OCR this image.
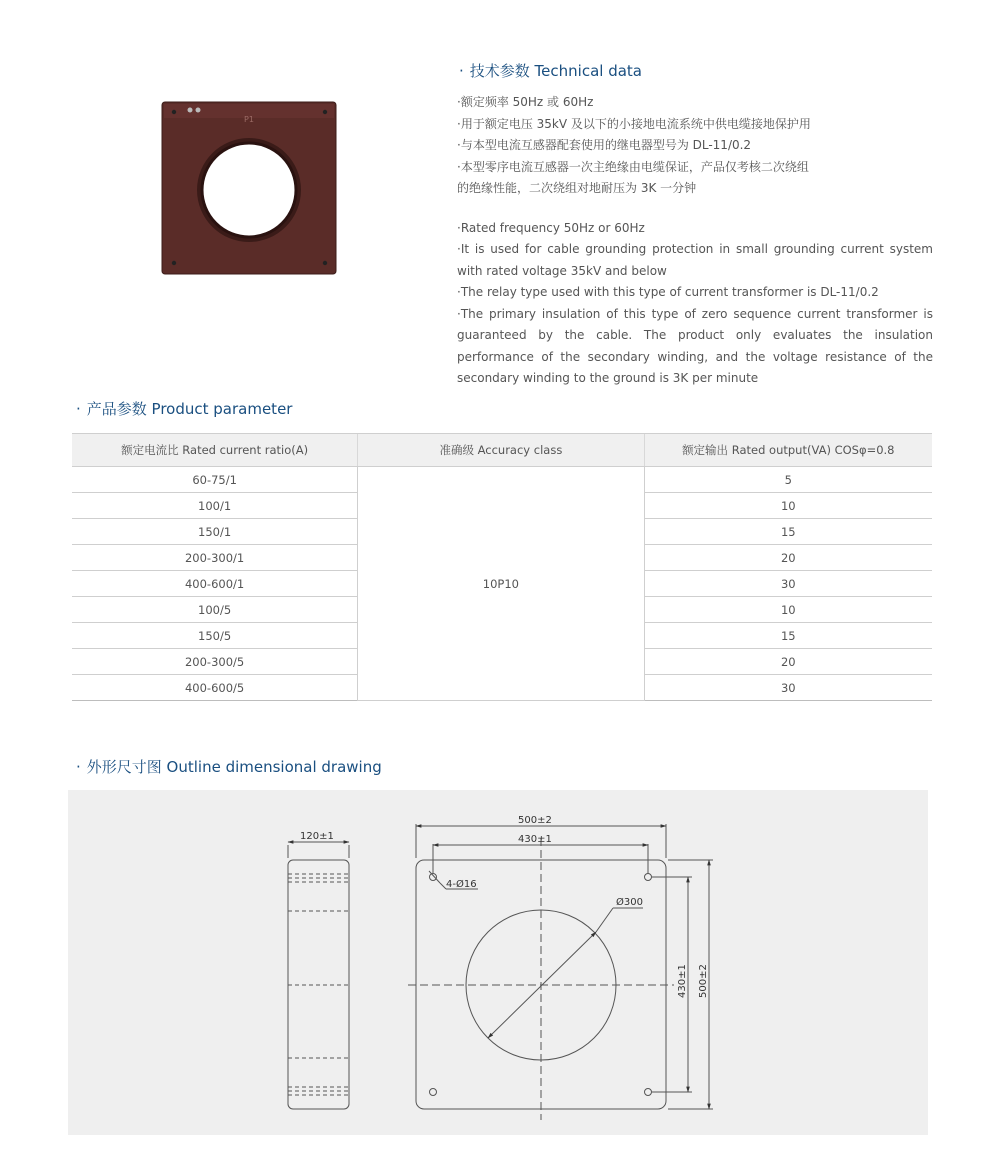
P1
· 技术参数 Technical data

·额定频率 50Hz 或 60Hz

·用于额定电压 35kV 及以下的小接地电流系统中供电缆接地保护用

·与本型电流互感器配套使用的继电器型号为 DL-11/0.2

·本型零序电流互感器一次主绝缘由电缆保证，产品仅考核二次绕组

的绝缘性能，二次绕组对地耐压为 3K 一分钟

·Rated frequency 50Hz or 60Hz

·It is used for cable grounding protection in small grounding current system with rated voltage 35kV and below

·The relay type used with this type of current transformer is DL-11/0.2

·The primary insulation of this type of zero sequence current transformer is guaranteed by the cable. The product only evaluates the insulation performance of the secondary winding, and the voltage resistance of the secondary winding to the ground is 3K per minute

· 产品参数 Product parameter
额定电流比 Rated current ratio(A)	准确级 Accuracy class	额定输出 Rated output(VA) COSφ=0.8
60-75/1	10P10	5
100/1		10
150/1		15
200-300/1		20
400-600/1		30
100/5		10
150/5		15
200-300/5		20
400-600/5		30
· 外形尺寸图 Outline dimensional drawing
120±1
500±2
430±1
4-Ø16
Ø300
430±1 500±2
